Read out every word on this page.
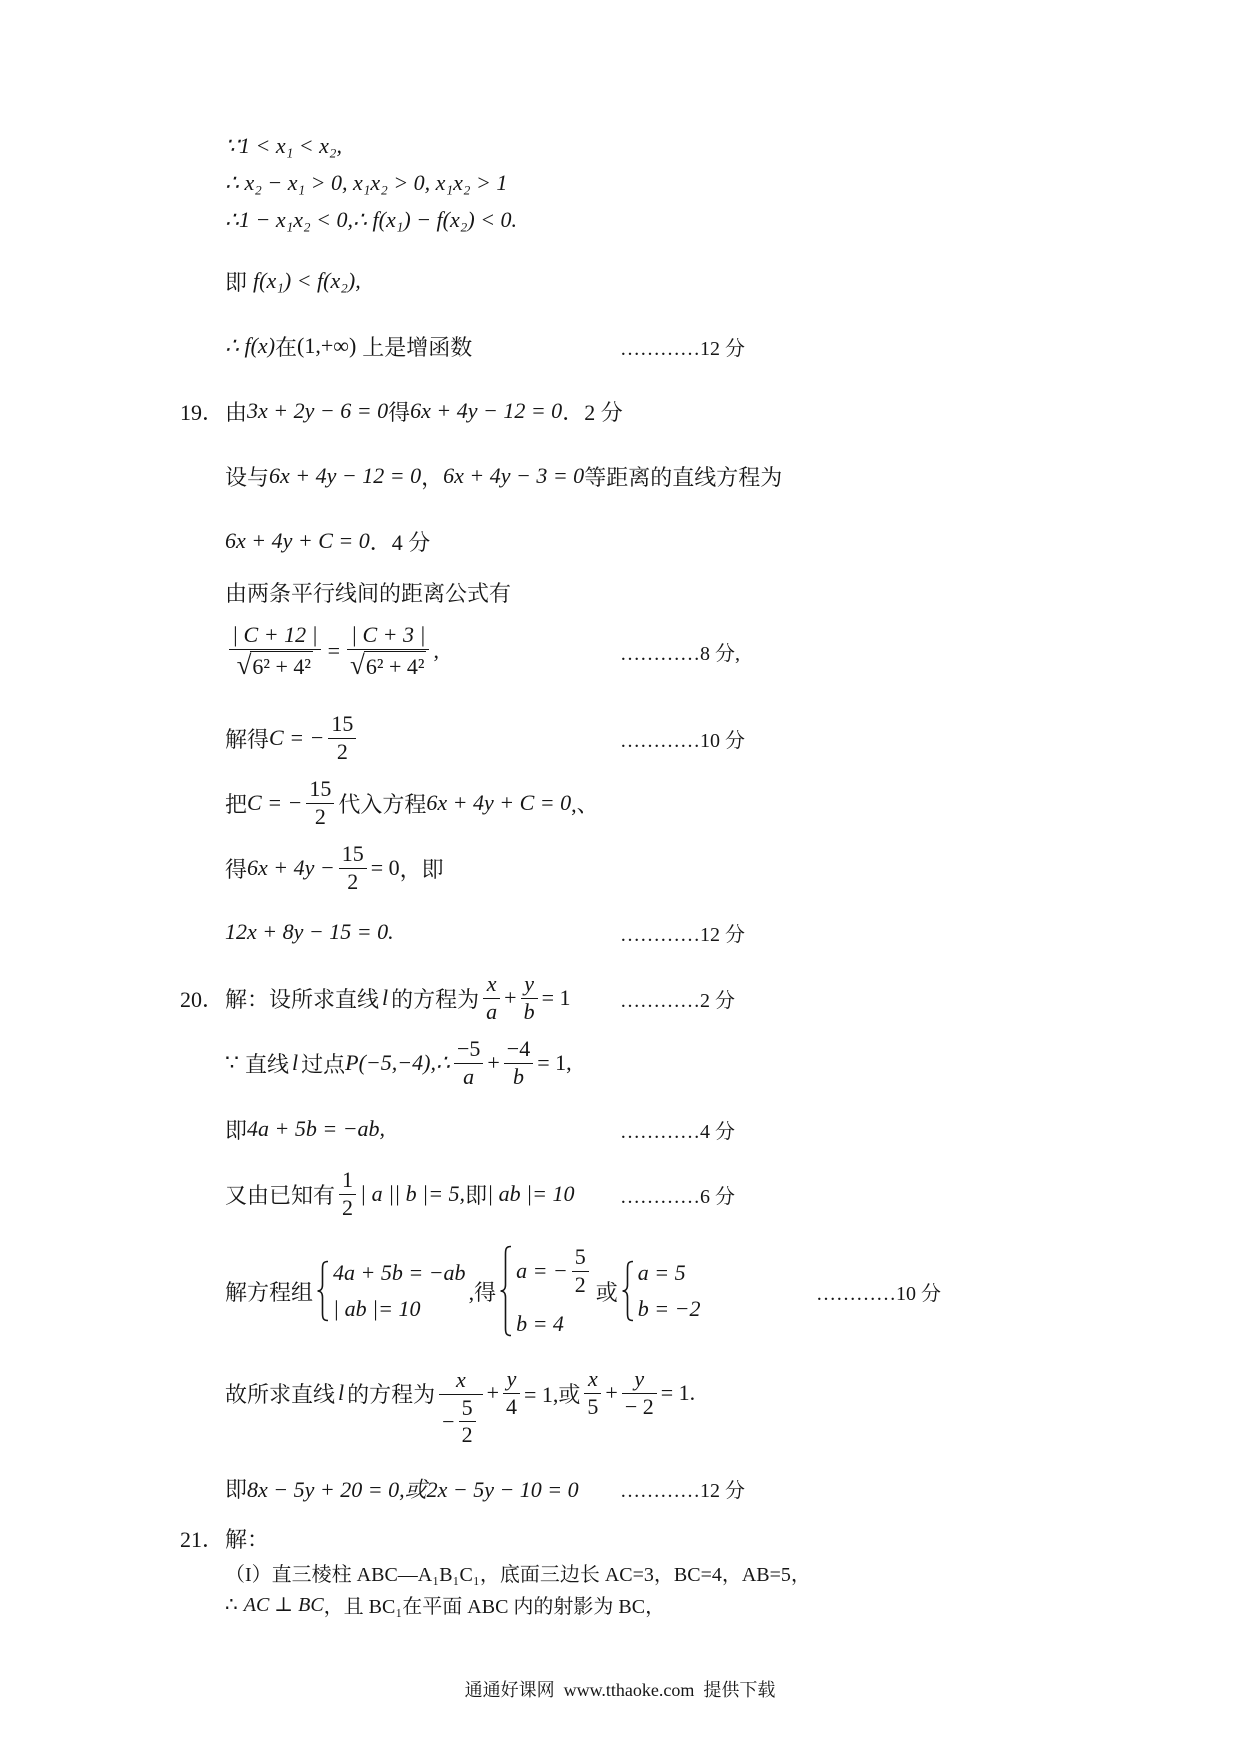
∵1 < x₁ < x₂,
∴ x₂ − x₁ > 0, x₁x₂ > 0, x₁x₂ > 1
∴1 − x₁x₂ < 0,∴ f(x₁) − f(x₂) < 0.
即 f(x₁) < f(x₂),
∴ f(x) 在 (1,+∞) 上是增函数	…………12 分
19． 由 3x + 2y − 6 = 0 得 6x + 4y − 12 = 0 ．2 分
设与 6x + 4y − 12 = 0 ， 6x + 4y − 3 = 0 等距离的直线方程为
6x + 4y + C = 0 ．4 分
由两条平行线间的距离公式有
$\frac{| C + 12 |}{\text{√ 6² + 4²}} = \frac{| C + 3 |}{\text{√ 6² + 4²}}$ ,	…………8 分,
解得 C = − $\frac{15}{2}$	…………10 分
把 C = − $\frac{15}{2}$ 代入方程 6x + 4y + C = 0 ,、
得 $6x + 4y - \frac{15}{2} = 0$ ，即
12x + 8y − 15 = 0.	…………12 分
20． 解：设所求直线 l 的方程为 $\frac{x}{a} + \frac{y}{b} = 1$ …………2 分
∵ 直线 l 过点 P(−5,−4),∴ $\frac{-5}{a} + \frac{-4}{b} = 1$,
即 4a + 5b = −ab,	…………4 分
又由已知有 $\frac{1}{2}$ | a || b |= 5, 即 | ab |= 10 …………6 分
解方程组
4a + 5b = −ab
| ab |= 10
,得
a = − $\frac{5}{2}$
b = 4
或
a = 5
b = −2
…………10 分
故所求直线 l 的方程为 $\frac{x}{- \frac{5}{2}} + \frac{y}{4} = 1$,或 $\frac{x}{5} + \frac{y}{- 2} = 1$.
即 8x − 5y + 20 = 0,或2x − 5y − 10 = 0 …………12 分
21． 解：
（I）直三棱柱 ABC—A₁B₁C₁，底面三边长 AC=3，BC=4，AB=5，
∴ AC ⊥ BC ，且 BC₁在平面 ABC 内的射影为 BC，
通通好课网  www.tthaoke.com  提供下载
